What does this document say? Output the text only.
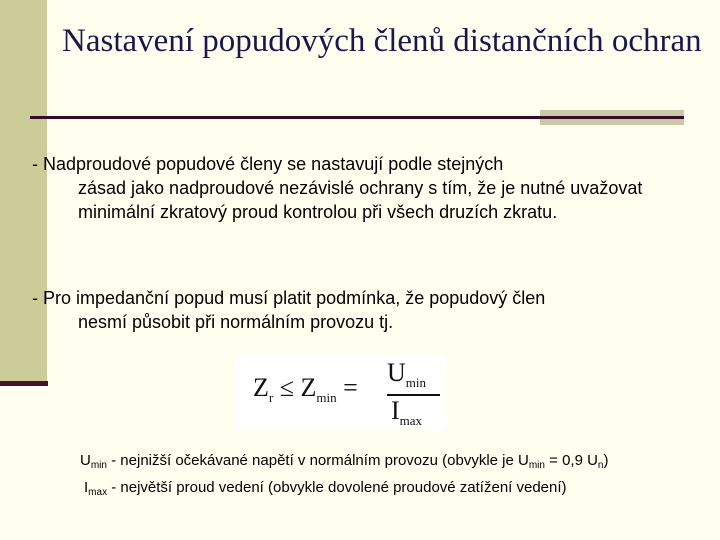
Nastavení popudových členů distančních ochran
- Nadproudové popudové členy se nastavují podle stejných
zásad jako nadproudové nezávislé ochrany s tím, že je nutné uvažovat minimální zkratový proud kontrolou při všech druzích zkratu.
- Pro impedanční popud musí platit podmínka, že popudový člen
nesmí působit při normálním provozu tj.
$Z_r \le Z_{min}$ =
$U_{min}$
$I_{max}$
$U_{min}$ - nejnižší očekávané napětí v normálním provozu (obvykle je $U_{min} = 0,9$ $U_n$)
$I_{max}$ - největší proud vedení (obvykle dovolené proudové zatížení vedení)
